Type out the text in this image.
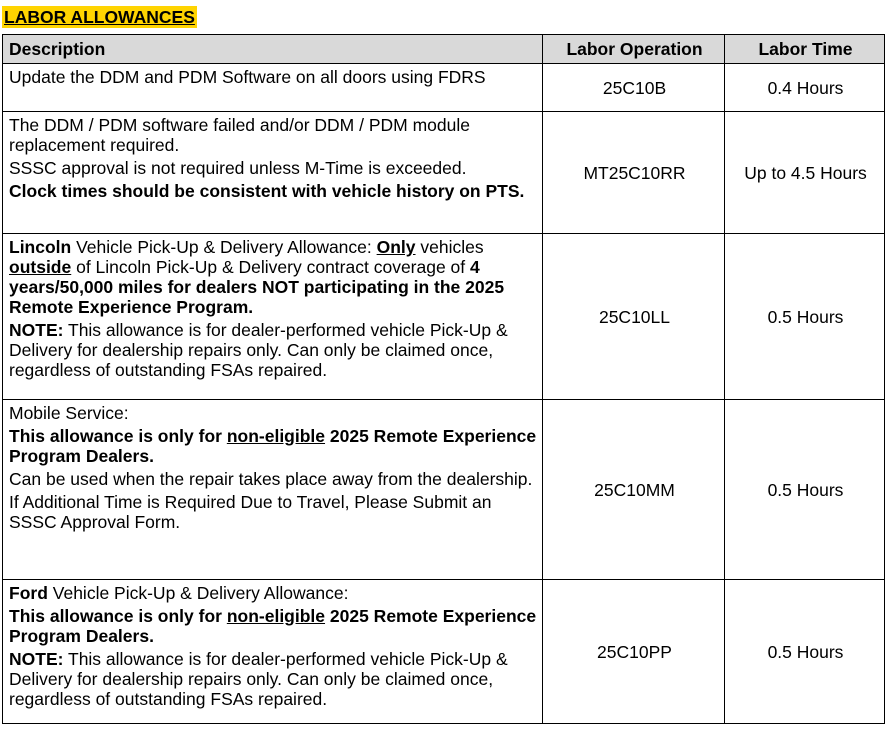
LABOR ALLOWANCES
Description	Labor Operation	Labor Time

Update the DDM and PDM Software on all doors using FDRS	25C10B	0.4 Hours

The DDM / PDM software failed and/or DDM / PDM module replacement required.
SSSC approval is not required unless M-Time is exceeded.
Clock times should be consistent with vehicle history on PTS.	MT25C10RR	Up to 4.5 Hours

Lincoln Vehicle Pick-Up & Delivery Allowance: Only vehicles outside of Lincoln Pick-Up & Delivery contract coverage of 4 years/50,000 miles for dealers NOT participating in the 2025 Remote Experience Program.
NOTE: This allowance is for dealer-performed vehicle Pick-Up & Delivery for dealership repairs only. Can only be claimed once, regardless of outstanding FSAs repaired.	25C10LL	0.5 Hours

Mobile Service:
This allowance is only for non-eligible 2025 Remote Experience Program Dealers.
Can be used when the repair takes place away from the dealership.
If Additional Time is Required Due to Travel, Please Submit an SSSC Approval Form.	25C10MM	0.5 Hours

Ford Vehicle Pick-Up & Delivery Allowance:
This allowance is only for non-eligible 2025 Remote Experience Program Dealers.
NOTE: This allowance is for dealer-performed vehicle Pick-Up & Delivery for dealership repairs only. Can only be claimed once, regardless of outstanding FSAs repaired.	25C10PP	0.5 Hours
